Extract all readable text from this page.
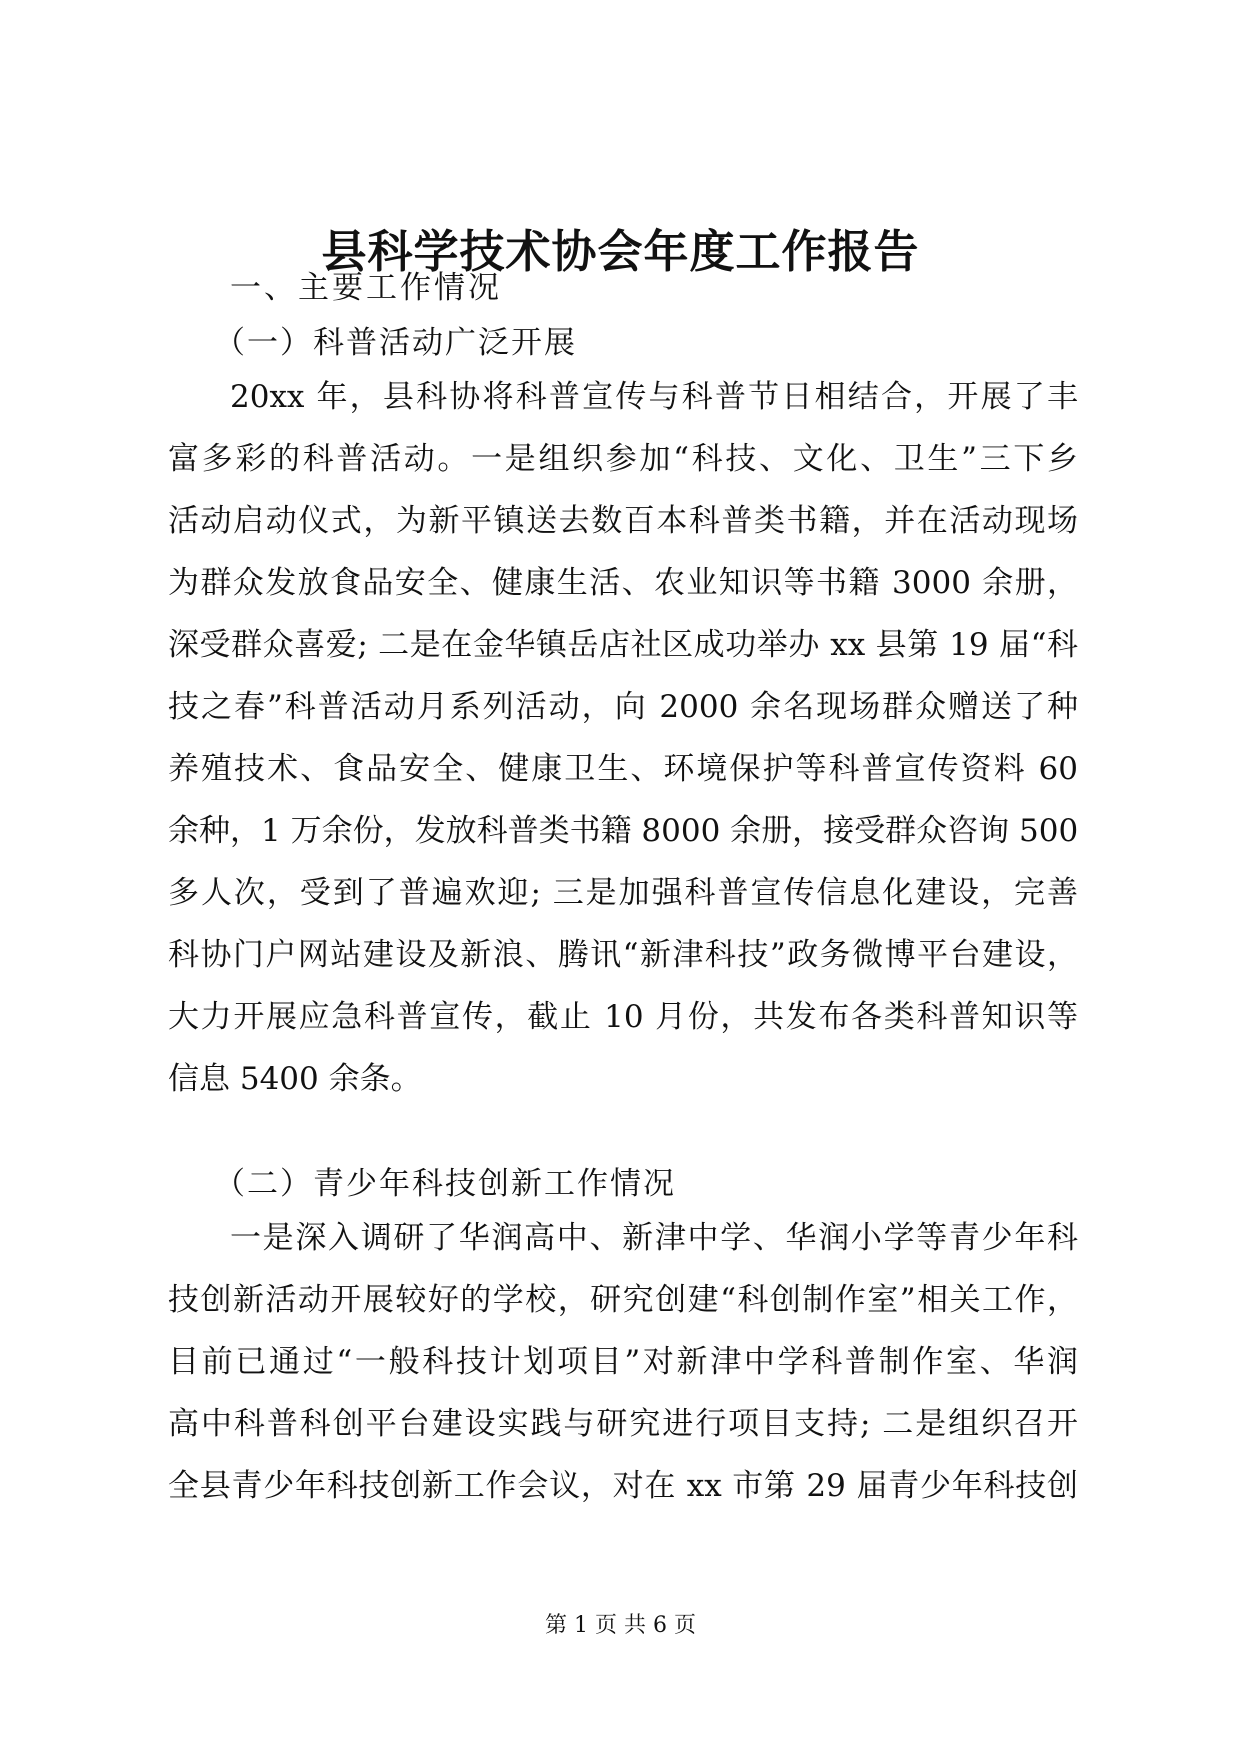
县科学技术协会年度工作报告

一、主要工作情况

（一）科普活动广泛开展

20xx 年，县科协将科普宣传与科普节日相结合，开展了丰
富多彩的科普活动。一是组织参加“科技、文化、卫生”三下乡
活动启动仪式，为新平镇送去数百本科普类书籍，并在活动现场
为群众发放食品安全、健康生活、农业知识等书籍 3000 余册，
深受群众喜爱; 二是在金华镇岳店社区成功举办 xx 县第 19 届“科
技之春”科普活动月系列活动，向 2000 余名现场群众赠送了种
养殖技术、食品安全、健康卫生、环境保护等科普宣传资料 60
余种，1 万余份，发放科普类书籍 8000 余册，接受群众咨询 500
多人次，受到了普遍欢迎; 三是加强科普宣传信息化建设，完善
科协门户网站建设及新浪、腾讯“新津科技”政务微博平台建设，
大力开展应急科普宣传，截止 10 月份，共发布各类科普知识等
信息 5400 余条。

（二）青少年科技创新工作情况

一是深入调研了华润高中、新津中学、华润小学等青少年科
技创新活动开展较好的学校，研究创建“科创制作室”相关工作，
目前已通过“一般科技计划项目”对新津中学科普制作室、华润
高中科普科创平台建设实践与研究进行项目支持; 二是组织召开
全县青少年科技创新工作会议，对在 xx 市第 29 届青少年科技创

第 1 页 共 6 页
